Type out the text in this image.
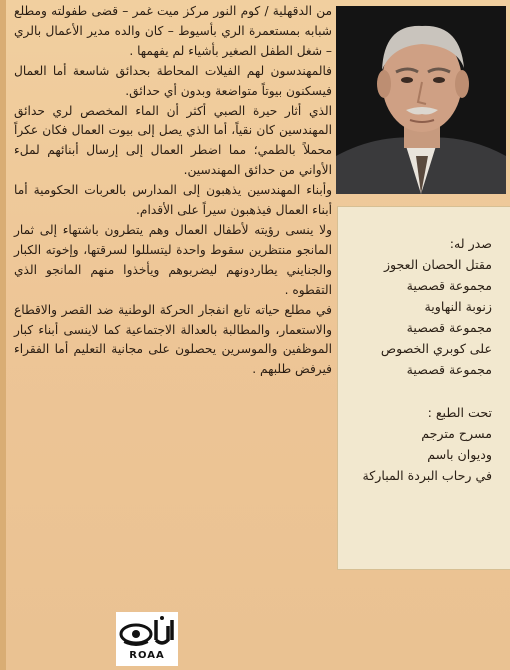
من الدقهلية / كوم النور مركز ميت غمر – قضى طفولته ومطلع شبابه بمستعمرة الري بأسيوط – كان والده مدير الأعمال بالري – شغل الطفل الصغير بأشياء لم يفهمها .

فالمهندسون لهم الفيلات المحاطة بحدائق شاسعة أما العمال فيسكنون بيوتاً متواضعة وبدون أي حدائق.

الذي أثار حيرة الصبي أكثر أن الماء المخصص لري حدائق المهندسين كان نقياً، أما الذي يصل إلى بيوت العمال فكان عكراً محملاً بالطمي؛ مما اضطر العمال إلى إرسال أبنائهم لملء الأواني من حدائق المهندسين.

وأبناء المهندسين يذهبون إلى المدارس بالعربات الحكومية أما أبناء العمال فيذهبون سيراً على الأقدام.

ولا ينسى رؤيته لأطفال العمال وهم يتطرون باشتهاء إلى ثمار المانجو منتظرين سقوط واحدة ليتسللوا لسرقتها، وإخوته الكبار والجنايني يطاردونهم ليضربوهم ويأخذوا منهم المانجو الذي التقطوه .

في مطلع حياته تابع انفجار الحركة الوطنية ضد القصر والاقطاع والاستعمار، والمطالبة بالعدالة الاجتماعية كما لاينسى أبناء كبار الموظفين والموسرين يحصلون على مجانية التعليم أما الفقراء فيرفض طلبهم .

صدر له:

مقتل الحصان العجوز
مجموعة قصصية
زنوبة النهاوية
مجموعة قصصية
على كوبري الخصوص
مجموعة قصصية

تحت الطبع :

مسرح مترجم
وديوان باسم
في رحاب البردة المباركة
ROAA
